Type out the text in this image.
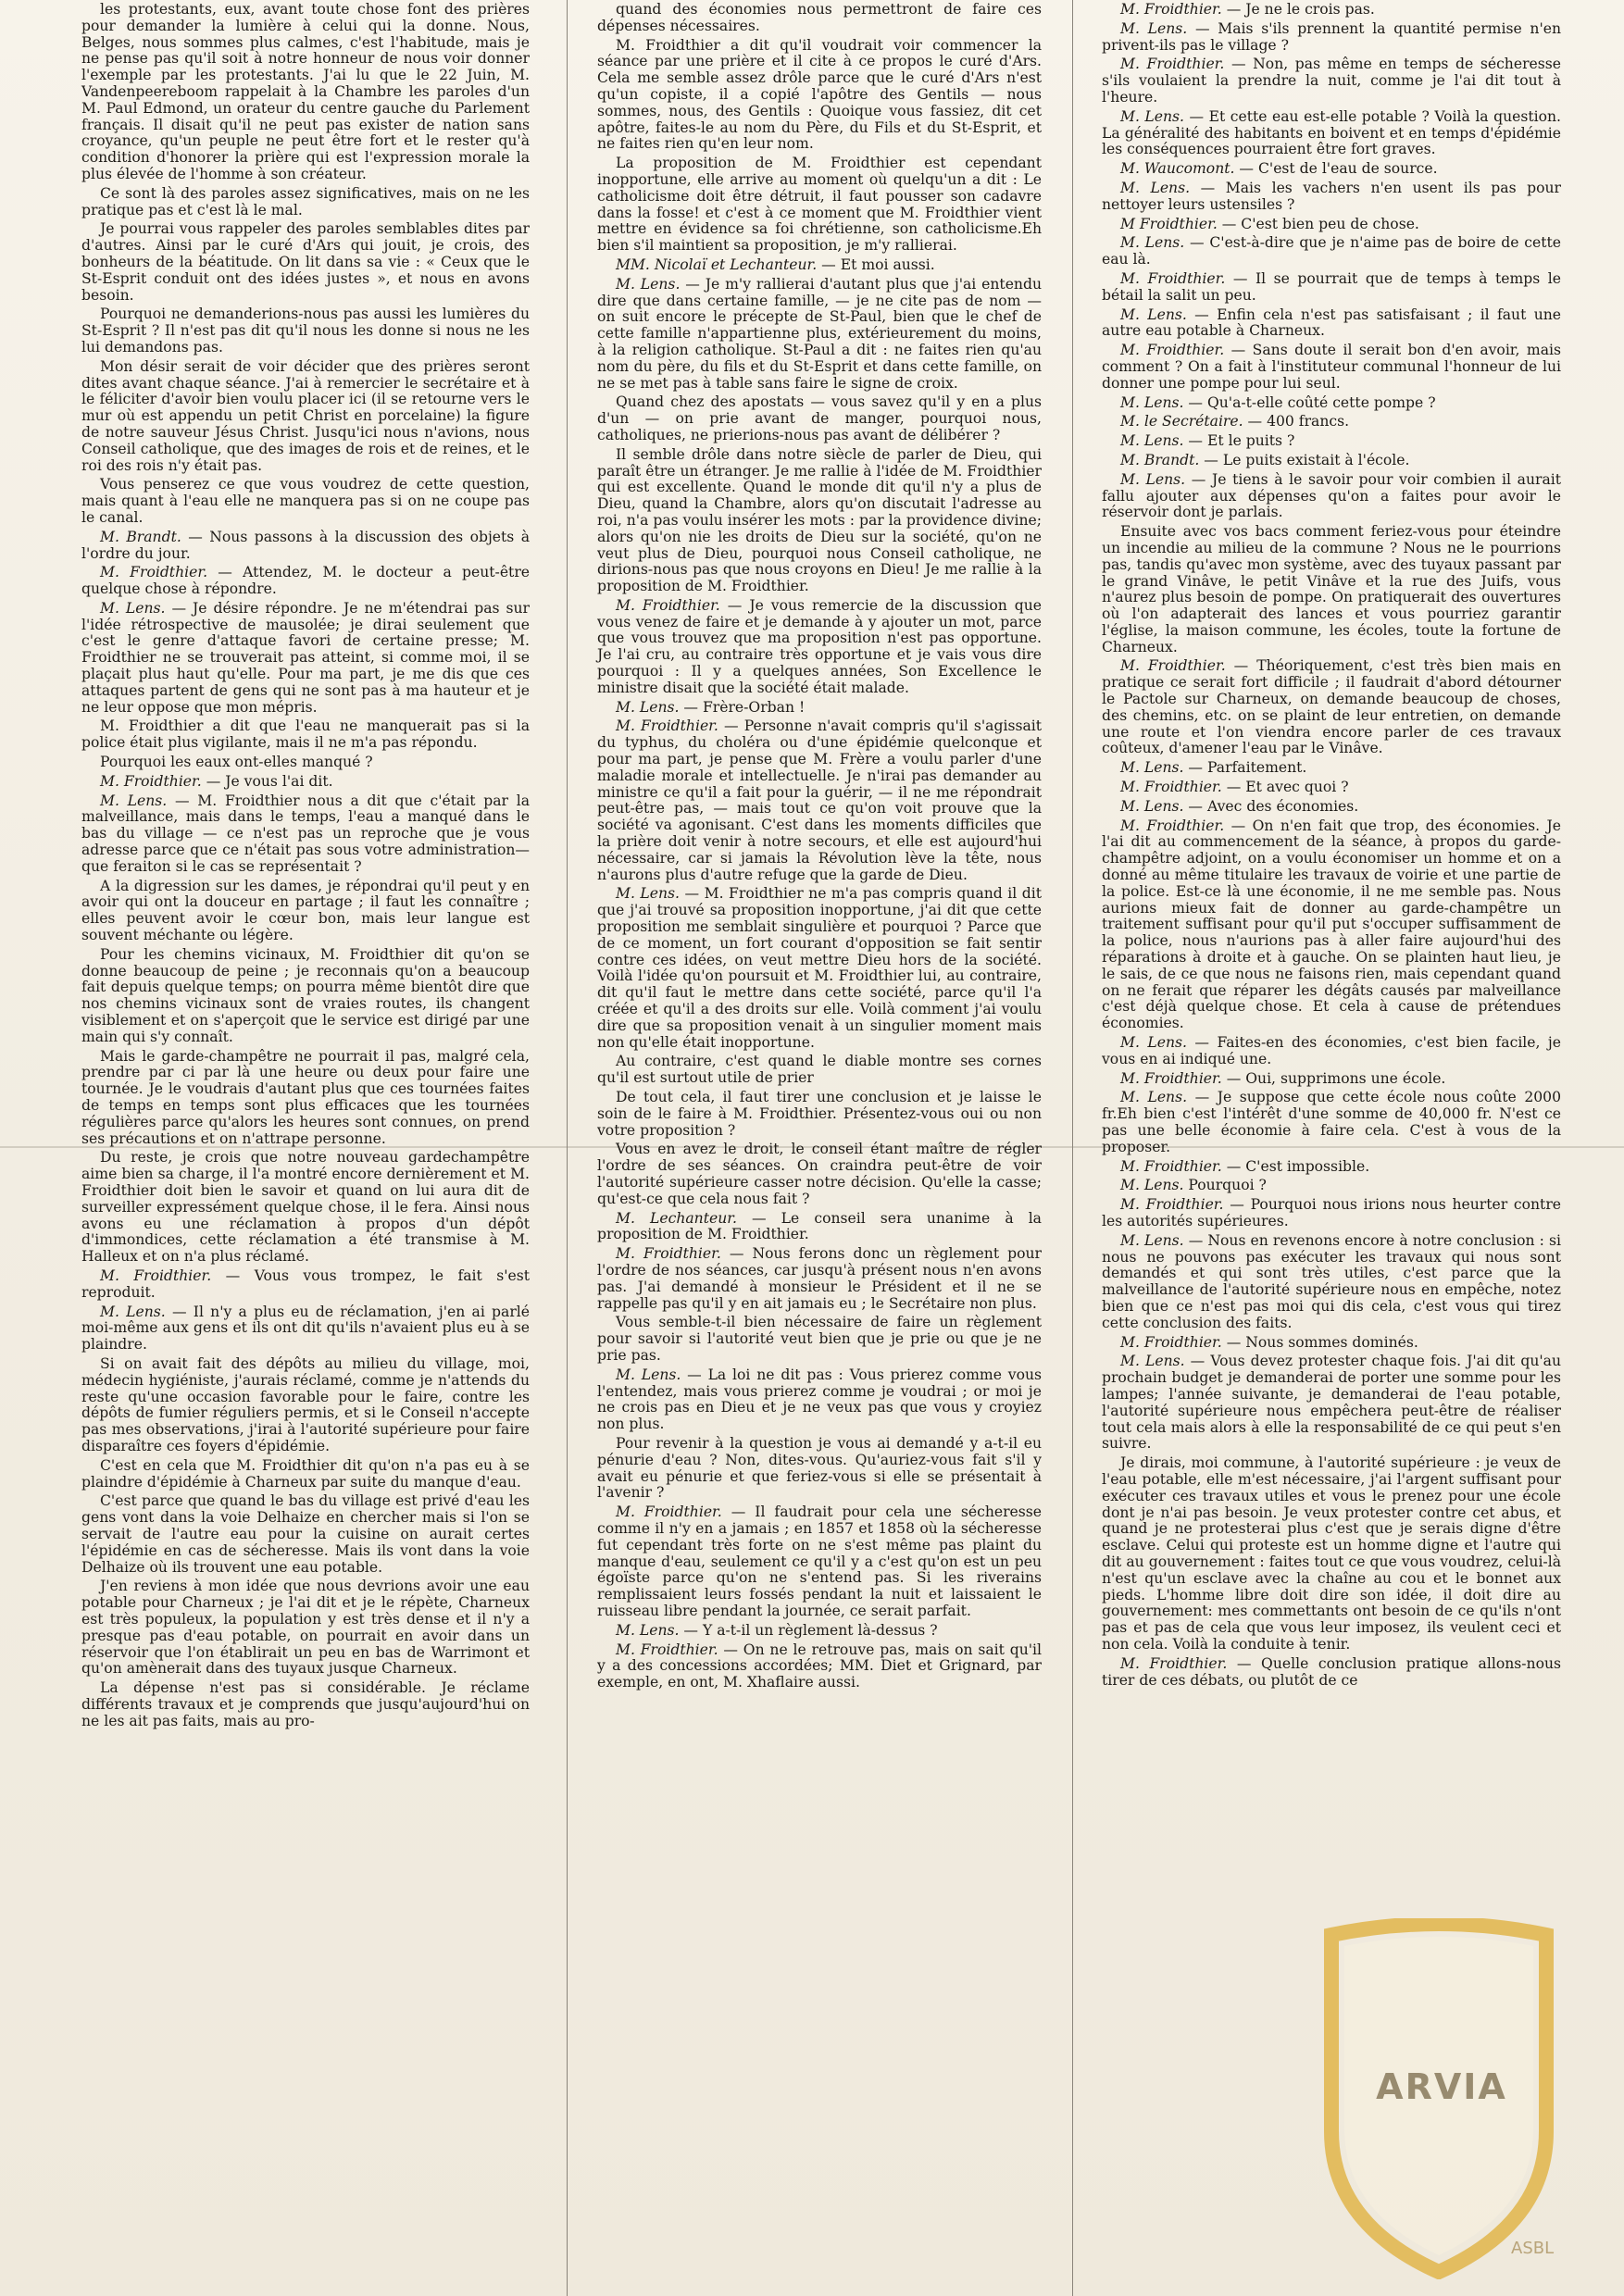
les protestants, eux, avant toute chose font des prières pour demander la lumière à celui qui la donne. Nous, Belges, nous sommes plus calmes, c'est l'habitude, mais je ne pense pas qu'il soit à notre honneur de nous voir donner l'exemple par les protestants. J'ai lu que le 22 Juin, M. Vandenpeereboom rappelait à la Chambre les paroles d'un M. Paul Edmond, un orateur du centre gauche du Parlement français. Il disait qu'il ne peut pas exister de nation sans croyance, qu'un peuple ne peut être fort et le rester qu'à condition d'honorer la prière qui est l'expression morale la plus élevée de l'homme à son créateur.

Ce sont là des paroles assez significatives, mais on ne les pratique pas et c'est là le mal.

Je pourrai vous rappeler des paroles semblables dites par d'autres. Ainsi par le curé d'Ars qui jouit, je crois, des bonheurs de la béatitude. On lit dans sa vie : « Ceux que le St-Esprit conduit ont des idées justes », et nous en avons besoin.

Pourquoi ne demanderions-nous pas aussi les lumières du St-Esprit ? Il n'est pas dit qu'il nous les donne si nous ne les lui demandons pas.

Mon désir serait de voir décider que des prières seront dites avant chaque séance. J'ai à remercier le secrétaire et à le féliciter d'avoir bien voulu placer ici (il se retourne vers le mur où est appendu un petit Christ en porcelaine) la figure de notre sauveur Jésus Christ. Jusqu'ici nous n'avions, nous Conseil catholique, que des images de rois et de reines, et le roi des rois n'y était pas.

Vous penserez ce que vous voudrez de cette question, mais quant à l'eau elle ne manquera pas si on ne coupe pas le canal.

M. Brandt. — Nous passons à la discussion des objets à l'ordre du jour.

M. Froidthier. — Attendez, M. le docteur a peut-être quelque chose à répondre.

M. Lens. — Je désire répondre. Je ne m'étendrai pas sur l'idée rétrospective de mausolée; je dirai seulement que c'est le genre d'attaque favori de certaine presse; M. Froidthier ne se trouverait pas atteint, si comme moi, il se plaçait plus haut qu'elle. Pour ma part, je me dis que ces attaques partent de gens qui ne sont pas à ma hauteur et je ne leur oppose que mon mépris.

M. Froidthier a dit que l'eau ne manquerait pas si la police était plus vigilante, mais il ne m'a pas répondu.

Pourquoi les eaux ont-elles manqué ?

M. Froidthier. — Je vous l'ai dit.

M. Lens. — M. Froidthier nous a dit que c'était par la malveillance, mais dans le temps, l'eau a manqué dans le bas du village — ce n'est pas un reproche que je vous adresse parce que ce n'était pas sous votre administration—que feraiton si le cas se représentait ?

A la digression sur les dames, je répondrai qu'il peut y en avoir qui ont la douceur en partage ; il faut les connaître ; elles peuvent avoir le cœur bon, mais leur langue est souvent méchante ou légère.

Pour les chemins vicinaux, M. Froidthier dit qu'on se donne beaucoup de peine ; je reconnais qu'on a beaucoup fait depuis quelque temps; on pourra même bientôt dire que nos chemins vicinaux sont de vraies routes, ils changent visiblement et on s'aperçoit que le service est dirigé par une main qui s'y connaît.

Mais le garde-champêtre ne pourrait il pas, malgré cela, prendre par ci par là une heure ou deux pour faire une tournée. Je le voudrais d'autant plus que ces tournées faites de temps en temps sont plus efficaces que les tournées régulières parce qu'alors les heures sont connues, on prend ses précautions et on n'attrape personne.

Du reste, je crois que notre nouveau gardechampêtre aime bien sa charge, il l'a montré encore dernièrement et M. Froidthier doit bien le savoir et quand on lui aura dit de surveiller expressément quelque chose, il le fera. Ainsi nous avons eu une réclamation à propos d'un dépôt d'immondices, cette réclamation a été transmise à M. Halleux et on n'a plus réclamé.

M. Froidthier. — Vous vous trompez, le fait s'est reproduit.

M. Lens. — Il n'y a plus eu de réclamation, j'en ai parlé moi-même aux gens et ils ont dit qu'ils n'avaient plus eu à se plaindre.

Si on avait fait des dépôts au milieu du village, moi, médecin hygiéniste, j'aurais réclamé, comme je n'attends du reste qu'une occasion favorable pour le faire, contre les dépôts de fumier réguliers permis, et si le Conseil n'accepte pas mes observations, j'irai à l'autorité supérieure pour faire disparaître ces foyers d'épidémie.

C'est en cela que M. Froidthier dit qu'on n'a pas eu à se plaindre d'épidémie à Charneux par suite du manque d'eau.

C'est parce que quand le bas du village est privé d'eau les gens vont dans la voie Delhaize en chercher mais si l'on se servait de l'autre eau pour la cuisine on aurait certes l'épidémie en cas de sécheresse. Mais ils vont dans la voie Delhaize où ils trouvent une eau potable.

J'en reviens à mon idée que nous devrions avoir une eau potable pour Charneux ; je l'ai dit et je le répète, Charneux est très populeux, la population y est très dense et il n'y a presque pas d'eau potable, on pourrait en avoir dans un réservoir que l'on établirait un peu en bas de Warrimont et qu'on amènerait dans des tuyaux jusque Charneux.

La dépense n'est pas si considérable. Je réclame différents travaux et je comprends que jusqu'aujourd'hui on ne les ait pas faits, mais au pro-

quand des économies nous permettront de faire ces dépenses nécessaires.

M. Froidthier a dit qu'il voudrait voir commencer la séance par une prière et il cite à ce propos le curé d'Ars. Cela me semble assez drôle parce que le curé d'Ars n'est qu'un copiste, il a copié l'apôtre des Gentils — nous sommes, nous, des Gentils : Quoique vous fassiez, dit cet apôtre, faites-le au nom du Père, du Fils et du St-Esprit, et ne faites rien qu'en leur nom.

La proposition de M. Froidthier est cependant inopportune, elle arrive au moment où quelqu'un a dit : Le catholicisme doit être détruit, il faut pousser son cadavre dans la fosse! et c'est à ce moment que M. Froidthier vient mettre en évidence sa foi chrétienne, son catholicisme.Eh bien s'il maintient sa proposition, je m'y rallierai.

MM. Nicolaï et Lechanteur. — Et moi aussi.

M. Lens. — Je m'y rallierai d'autant plus que j'ai entendu dire que dans certaine famille, — je ne cite pas de nom — on suit encore le précepte de St-Paul, bien que le chef de cette famille n'appartienne plus, extérieurement du moins, à la religion catholique. St-Paul a dit : ne faites rien qu'au nom du père, du fils et du St-Esprit et dans cette famille, on ne se met pas à table sans faire le signe de croix.

Quand chez des apostats — vous savez qu'il y en a plus d'un — on prie avant de manger, pourquoi nous, catholiques, ne prierions-nous pas avant de délibérer ?

Il semble drôle dans notre siècle de parler de Dieu, qui paraît être un étranger. Je me rallie à l'idée de M. Froidthier qui est excellente. Quand le monde dit qu'il n'y a plus de Dieu, quand la Chambre, alors qu'on discutait l'adresse au roi, n'a pas voulu insérer les mots : par la providence divine; alors qu'on nie les droits de Dieu sur la société, qu'on ne veut plus de Dieu, pourquoi nous Conseil catholique, ne dirions-nous pas que nous croyons en Dieu! Je me rallie à la proposition de M. Froidthier.

M. Froidthier. — Je vous remercie de la discussion que vous venez de faire et je demande à y ajouter un mot, parce que vous trouvez que ma proposition n'est pas opportune. Je l'ai cru, au contraire très opportune et je vais vous dire pourquoi : Il y a quelques années, Son Excellence le ministre disait que la société était malade.

M. Lens. — Frère-Orban !

M. Froidthier. — Personne n'avait compris qu'il s'agissait du typhus, du choléra ou d'une épidémie quelconque et pour ma part, je pense que M. Frère a voulu parler d'une maladie morale et intellectuelle. Je n'irai pas demander au ministre ce qu'il a fait pour la guérir, — il ne me répondrait peut-être pas, — mais tout ce qu'on voit prouve que la société va agonisant. C'est dans les moments difficiles que la prière doit venir à notre secours, et elle est aujourd'hui nécessaire, car si jamais la Révolution lève la tête, nous n'aurons plus d'autre refuge que la garde de Dieu.

M. Lens. — M. Froidthier ne m'a pas compris quand il dit que j'ai trouvé sa proposition inopportune, j'ai dit que cette proposition me semblait singulière et pourquoi ? Parce que de ce moment, un fort courant d'opposition se fait sentir contre ces idées, on veut mettre Dieu hors de la société. Voilà l'idée qu'on poursuit et M. Froidthier lui, au contraire, dit qu'il faut le mettre dans cette société, parce qu'il l'a créée et qu'il a des droits sur elle. Voilà comment j'ai voulu dire que sa proposition venait à un singulier moment mais non qu'elle était inopportune.

Au contraire, c'est quand le diable montre ses cornes qu'il est surtout utile de prier

De tout cela, il faut tirer une conclusion et je laisse le soin de le faire à M. Froidthier. Présentez-vous oui ou non votre proposition ?

Vous en avez le droit, le conseil étant maître de régler l'ordre de ses séances. On craindra peut-être de voir l'autorité supérieure casser notre décision. Qu'elle la casse; qu'est-ce que cela nous fait ?

M. Lechanteur. — Le conseil sera unanime à la proposition de M. Froidthier.

M. Froidthier. — Nous ferons donc un règlement pour l'ordre de nos séances, car jusqu'à présent nous n'en avons pas. J'ai demandé à monsieur le Président et il ne se rappelle pas qu'il y en ait jamais eu ; le Secrétaire non plus.

Vous semble-t-il bien nécessaire de faire un règlement pour savoir si l'autorité veut bien que je prie ou que je ne prie pas.

M. Lens. — La loi ne dit pas : Vous prierez comme vous l'entendez, mais vous prierez comme je voudrai ; or moi je ne crois pas en Dieu et je ne veux pas que vous y croyiez non plus.

Pour revenir à la question je vous ai demandé y a-t-il eu pénurie d'eau ? Non, dites-vous. Qu'auriez-vous fait s'il y avait eu pénurie et que feriez-vous si elle se présentait à l'avenir ?

M. Froidthier. — Il faudrait pour cela une sécheresse comme il n'y en a jamais ; en 1857 et 1858 où la sécheresse fut cependant très forte on ne s'est même pas plaint du manque d'eau, seulement ce qu'il y a c'est qu'on est un peu égoïste parce qu'on ne s'entend pas. Si les riverains remplissaient leurs fossés pendant la nuit et laissaient le ruisseau libre pendant la journée, ce serait parfait.

M. Lens. — Y a-t-il un règlement là-dessus ?

M. Froidthier. — On ne le retrouve pas, mais on sait qu'il y a des concessions accordées; MM. Diet et Grignard, par exemple, en ont, M. Xhaflaire aussi.

M. Froidthier. — Je ne le crois pas.

M. Lens. — Mais s'ils prennent la quantité permise n'en privent-ils pas le village ?

M. Froidthier. — Non, pas même en temps de sécheresse s'ils voulaient la prendre la nuit, comme je l'ai dit tout à l'heure.

M. Lens. — Et cette eau est-elle potable ? Voilà la question. La généralité des habitants en boivent et en temps d'épidémie les conséquences pourraient être fort graves.

M. Waucomont. — C'est de l'eau de source.

M. Lens. — Mais les vachers n'en usent ils pas pour nettoyer leurs ustensiles ?

M Froidthier. — C'est bien peu de chose.

M. Lens. — C'est-à-dire que je n'aime pas de boire de cette eau là.

M. Froidthier. — Il se pourrait que de temps à temps le bétail la salit un peu.

M. Lens. — Enfin cela n'est pas satisfaisant ; il faut une autre eau potable à Charneux.

M. Froidthier. — Sans doute il serait bon d'en avoir, mais comment ? On a fait à l'instituteur communal l'honneur de lui donner une pompe pour lui seul.

M. Lens. — Qu'a-t-elle coûté cette pompe ?

M. le Secrétaire. — 400 francs.

M. Lens. — Et le puits ?

M. Brandt. — Le puits existait à l'école.

M. Lens. — Je tiens à le savoir pour voir combien il aurait fallu ajouter aux dépenses qu'on a faites pour avoir le réservoir dont je parlais.

Ensuite avec vos bacs comment feriez-vous pour éteindre un incendie au milieu de la commune ? Nous ne le pourrions pas, tandis qu'avec mon système, avec des tuyaux passant par le grand Vinâve, le petit Vinâve et la rue des Juifs, vous n'aurez plus besoin de pompe. On pratiquerait des ouvertures où l'on adapterait des lances et vous pourriez garantir l'église, la maison commune, les écoles, toute la fortune de Charneux.

M. Froidthier. — Théoriquement, c'est très bien mais en pratique ce serait fort difficile ; il faudrait d'abord détourner le Pactole sur Charneux, on demande beaucoup de choses, des chemins, etc. on se plaint de leur entretien, on demande une route et l'on viendra encore parler de ces travaux coûteux, d'amener l'eau par le Vinâve.

M. Lens. — Parfaitement.

M. Froidthier. — Et avec quoi ?

M. Lens. — Avec des économies.

M. Froidthier. — On n'en fait que trop, des économies. Je l'ai dit au commencement de la séance, à propos du garde-champêtre adjoint, on a voulu économiser un homme et on a donné au même titulaire les travaux de voirie et une partie de la police. Est-ce là une économie, il ne me semble pas. Nous aurions mieux fait de donner au garde-champêtre un traitement suffisant pour qu'il put s'occuper suffisamment de la police, nous n'aurions pas à aller faire aujourd'hui des réparations à droite et à gauche. On se plainten haut lieu, je le sais, de ce que nous ne faisons rien, mais cependant quand on ne ferait que réparer les dégâts causés par malveillance c'est déjà quelque chose. Et cela à cause de prétendues économies.

M. Lens. — Faites-en des économies, c'est bien facile, je vous en ai indiqué une.

M. Froidthier. — Oui, supprimons une école.

M. Lens. — Je suppose que cette école nous coûte 2000 fr.Eh bien c'est l'intérêt d'une somme de 40,000 fr. N'est ce pas une belle économie à faire cela. C'est à vous de la proposer.

M. Froidthier. — C'est impossible.

M. Lens. Pourquoi ?

M. Froidthier. — Pourquoi nous irions nous heurter contre les autorités supérieures.

M. Lens. — Nous en revenons encore à notre conclusion : si nous ne pouvons pas exécuter les travaux qui nous sont demandés et qui sont très utiles, c'est parce que la malveillance de l'autorité supérieure nous en empêche, notez bien que ce n'est pas moi qui dis cela, c'est vous qui tirez cette conclusion des faits.

M. Froidthier. — Nous sommes dominés.

M. Lens. — Vous devez protester chaque fois. J'ai dit qu'au prochain budget je demanderai de porter une somme pour les lampes; l'année suivante, je demanderai de l'eau potable, l'autorité supérieure nous empêchera peut-être de réaliser tout cela mais alors à elle la responsabilité de ce qui peut s'en suivre.

Je dirais, moi commune, à l'autorité supérieure : je veux de l'eau potable, elle m'est nécessaire, j'ai l'argent suffisant pour exécuter ces travaux utiles et vous le prenez pour une école dont je n'ai pas besoin. Je veux protester contre cet abus, et quand je ne protesterai plus c'est que je serais digne d'être esclave. Celui qui proteste est un homme digne et l'autre qui dit au gouvernement : faites tout ce que vous voudrez, celui-là n'est qu'un esclave avec la chaîne au cou et le bonnet aux pieds. L'homme libre doit dire son idée, il doit dire au gouvernement: mes commettants ont besoin de ce qu'ils n'ont pas et pas de cela que vous leur imposez, ils veulent ceci et non cela. Voilà la conduite à tenir.

M. Froidthier. — Quelle conclusion pratique allons-nous tirer de ces débats, ou plutôt de ce

ARVIA
ASBL
